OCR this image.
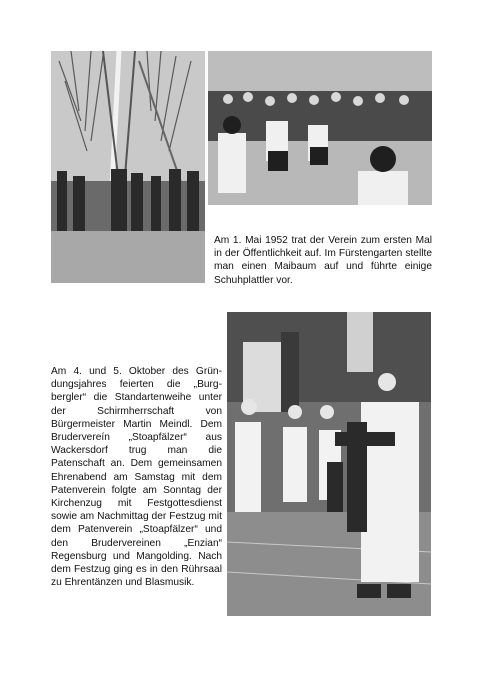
Am 1. Mai 1952 trat der Verein zum ersten Mal in der Öffentlichkeit auf. Im Fürstengarten stellte man einen Maibaum auf und führte einige Schuhplattler vor.

Am 4. und 5. Oktober des Gründungsjahres feierten die „Burgbergler“ die Standartenweihe unter der Schirmherrschaft von Bürgermeister Martin Meindl. Dem Brudervereín „Stoapfälzer“ aus Wackersdorf trug man die Patenschaft an. Dem gemeinsamen Ehrenabend am Samstag mit dem Patenverein folgte am Sonntag der Kirchenzug mit Festgottesdienst sowie am Nachmittag der Festzug mit dem Patenverein „Stoapfälzer“ und den Brudervereinen „Enzian“ Regensburg und Mangolding. Nach dem Festzug ging es in den Rührsaal zu Ehrentänzen und Blasmusik.
